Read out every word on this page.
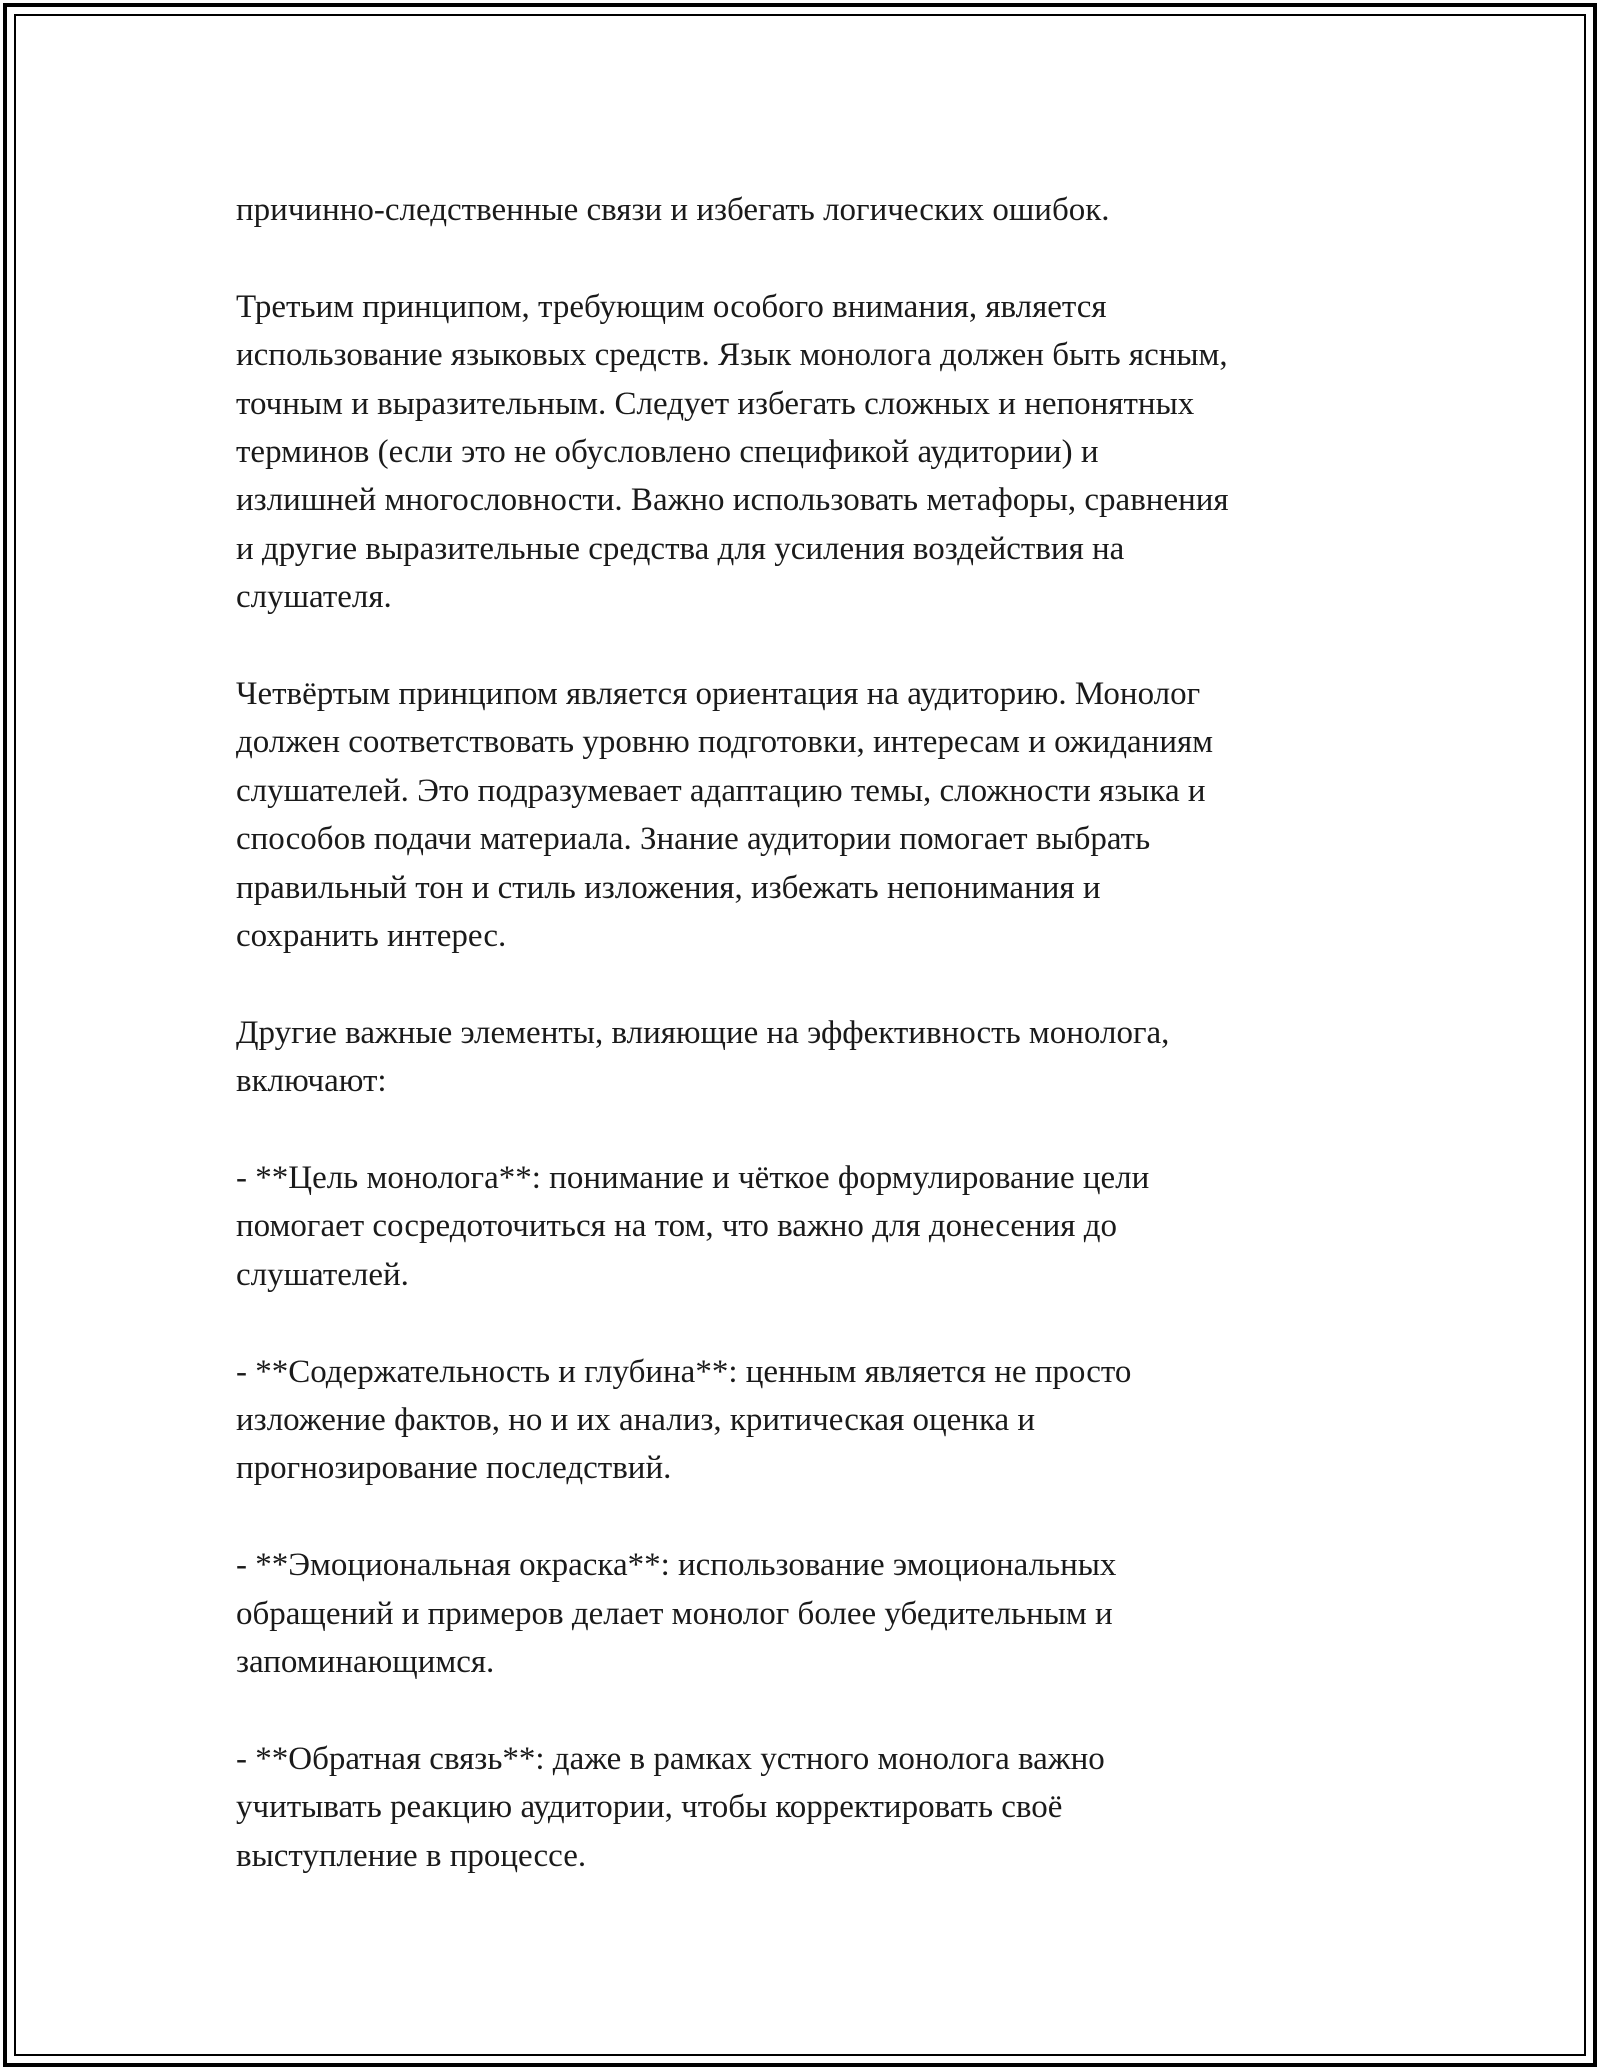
причинно-следственные связи и избегать логических ошибок.

Третьим принципом, требующим особого внимания, является
использование языковых средств. Язык монолога должен быть ясным,
точным и выразительным. Следует избегать сложных и непонятных
терминов (если это не обусловлено спецификой аудитории) и
излишней многословности. Важно использовать метафоры, сравнения
и другие выразительные средства для усиления воздействия на
слушателя.

Четвёртым принципом является ориентация на аудиторию. Монолог
должен соответствовать уровню подготовки, интересам и ожиданиям
слушателей. Это подразумевает адаптацию темы, сложности языка и
способов подачи материала. Знание аудитории помогает выбрать
правильный тон и стиль изложения, избежать непонимания и
сохранить интерес.

Другие важные элементы, влияющие на эффективность монолога,
включают:

- **Цель монолога**: понимание и чёткое формулирование цели
помогает сосредоточиться на том, что важно для донесения до
слушателей.

- **Содержательность и глубина**: ценным является не просто
изложение фактов, но и их анализ, критическая оценка и
прогнозирование последствий.

- **Эмоциональная окраска**: использование эмоциональных
обращений и примеров делает монолог более убедительным и
запоминающимся.

- **Обратная связь**: даже в рамках устного монолога важно
учитывать реакцию аудитории, чтобы корректировать своё
выступление в процессе.
